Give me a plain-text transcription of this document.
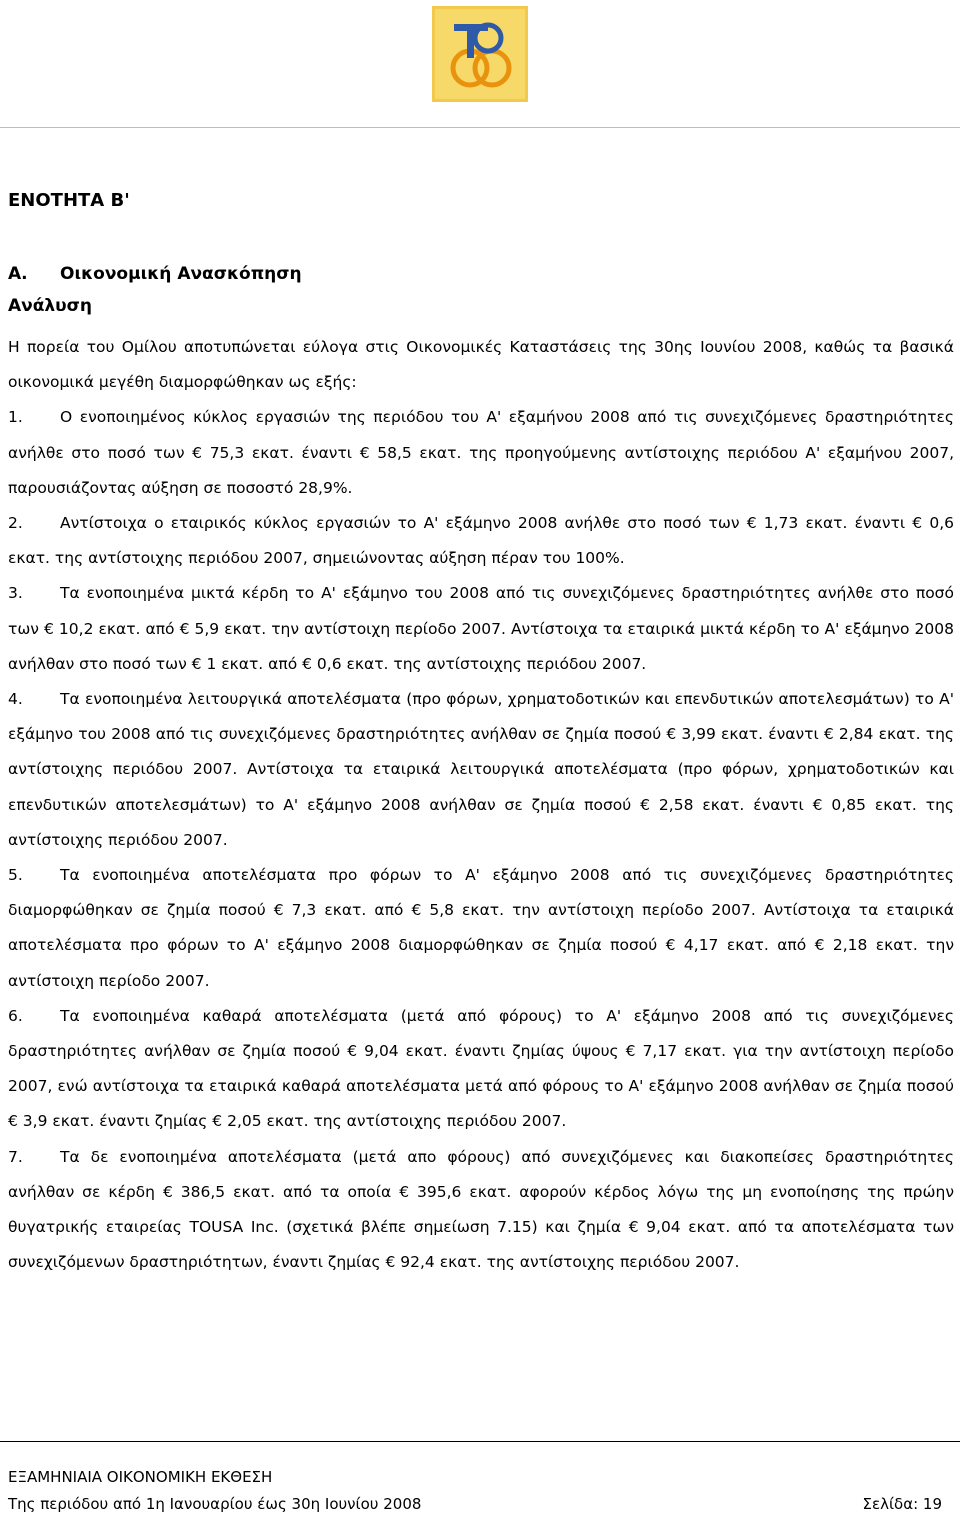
ΕΝΟΤΗΤΑ Β'
Α. Οικονομική Ανασκόπηση
Ανάλυση

Η πορεία του Ομίλου αποτυπώνεται εύλογα στις Οικονομικές Καταστάσεις της 30ης Ιουνίου 2008, καθώς τα βασικά οικονομικά μεγέθη διαμορφώθηκαν ως εξής:

1. Ο ενοποιημένος κύκλος εργασιών της περιόδου του Α' εξαμήνου 2008 από τις συνεχιζόμενες δραστηριότητες ανήλθε στο ποσό των € 75,3 εκατ. έναντι € 58,5 εκατ. της προηγούμενης αντίστοιχης περιόδου Α' εξαμήνου 2007, παρουσιάζοντας αύξηση σε ποσοστό 28,9%.

2. Αντίστοιχα ο εταιρικός κύκλος εργασιών το Α' εξάμηνο 2008 ανήλθε στο ποσό των € 1,73 εκατ. έναντι € 0,6 εκατ. της αντίστοιχης περιόδου 2007, σημειώνοντας αύξηση πέραν του 100%.

3. Τα ενοποιημένα μικτά κέρδη το Α' εξάμηνο του 2008 από τις συνεχιζόμενες δραστηριότητες ανήλθε στο ποσό των € 10,2 εκατ. από € 5,9 εκατ. την αντίστοιχη περίοδο 2007. Αντίστοιχα τα εταιρικά μικτά κέρδη το Α' εξάμηνο 2008 ανήλθαν στο ποσό των € 1 εκατ. από € 0,6 εκατ. της αντίστοιχης περιόδου 2007.

4. Τα ενοποιημένα λειτουργικά αποτελέσματα (προ φόρων, χρηματοδοτικών και επενδυτικών αποτελεσμάτων) το Α' εξάμηνο του 2008 από τις συνεχιζόμενες δραστηριότητες ανήλθαν σε ζημία ποσού € 3,99 εκατ. έναντι € 2,84 εκατ. της αντίστοιχης περιόδου 2007. Αντίστοιχα τα εταιρικά λειτουργικά αποτελέσματα (προ φόρων, χρηματοδοτικών και επενδυτικών αποτελεσμάτων) το Α' εξάμηνο 2008 ανήλθαν σε ζημία ποσού € 2,58 εκατ. έναντι € 0,85 εκατ. της αντίστοιχης περιόδου 2007.

5. Τα ενοποιημένα αποτελέσματα προ φόρων το Α' εξάμηνο 2008 από τις συνεχιζόμενες δραστηριότητες διαμορφώθηκαν σε ζημία ποσού € 7,3 εκατ. από € 5,8 εκατ. την αντίστοιχη περίοδο 2007. Αντίστοιχα τα εταιρικά αποτελέσματα προ φόρων το Α' εξάμηνο 2008 διαμορφώθηκαν σε ζημία ποσού € 4,17 εκατ. από € 2,18 εκατ. την αντίστοιχη περίοδο 2007.

6. Τα ενοποιημένα καθαρά αποτελέσματα (μετά από φόρους) το Α' εξάμηνο 2008 από τις συνεχιζόμενες δραστηριότητες ανήλθαν σε ζημία ποσού € 9,04 εκατ. έναντι ζημίας ύψους € 7,17 εκατ. για την αντίστοιχη περίοδο 2007, ενώ αντίστοιχα τα εταιρικά καθαρά αποτελέσματα μετά από φόρους το Α' εξάμηνο 2008 ανήλθαν σε ζημία ποσού € 3,9 εκατ. έναντι ζημίας € 2,05 εκατ. της αντίστοιχης περιόδου 2007.

7. Τα δε ενοποιημένα αποτελέσματα (μετά απο φόρους) από συνεχιζόμενες και διακοπείσες δραστηριότητες ανήλθαν σε κέρδη € 386,5 εκατ. από τα οποία € 395,6 εκατ. αφορούν κέρδος λόγω της μη ενοποίησης της πρώην θυγατρικής εταιρείας TOUSA Inc. (σχετικά βλέπε σημείωση 7.15) και ζημία € 9,04 εκατ. από τα αποτελέσματα των συνεχιζόμενων δραστηριότητων, έναντι ζημίας € 92,4 εκατ. της αντίστοιχης περιόδου 2007.

ΕΞΑΜΗΝΙΑΙΑ ΟΙΚΟΝΟΜΙΚΗ ΕΚΘΕΣΗ
Της περιόδου από 1η Ιανουαρίου έως 30η Ιουνίου 2008	Σελίδα: 19
